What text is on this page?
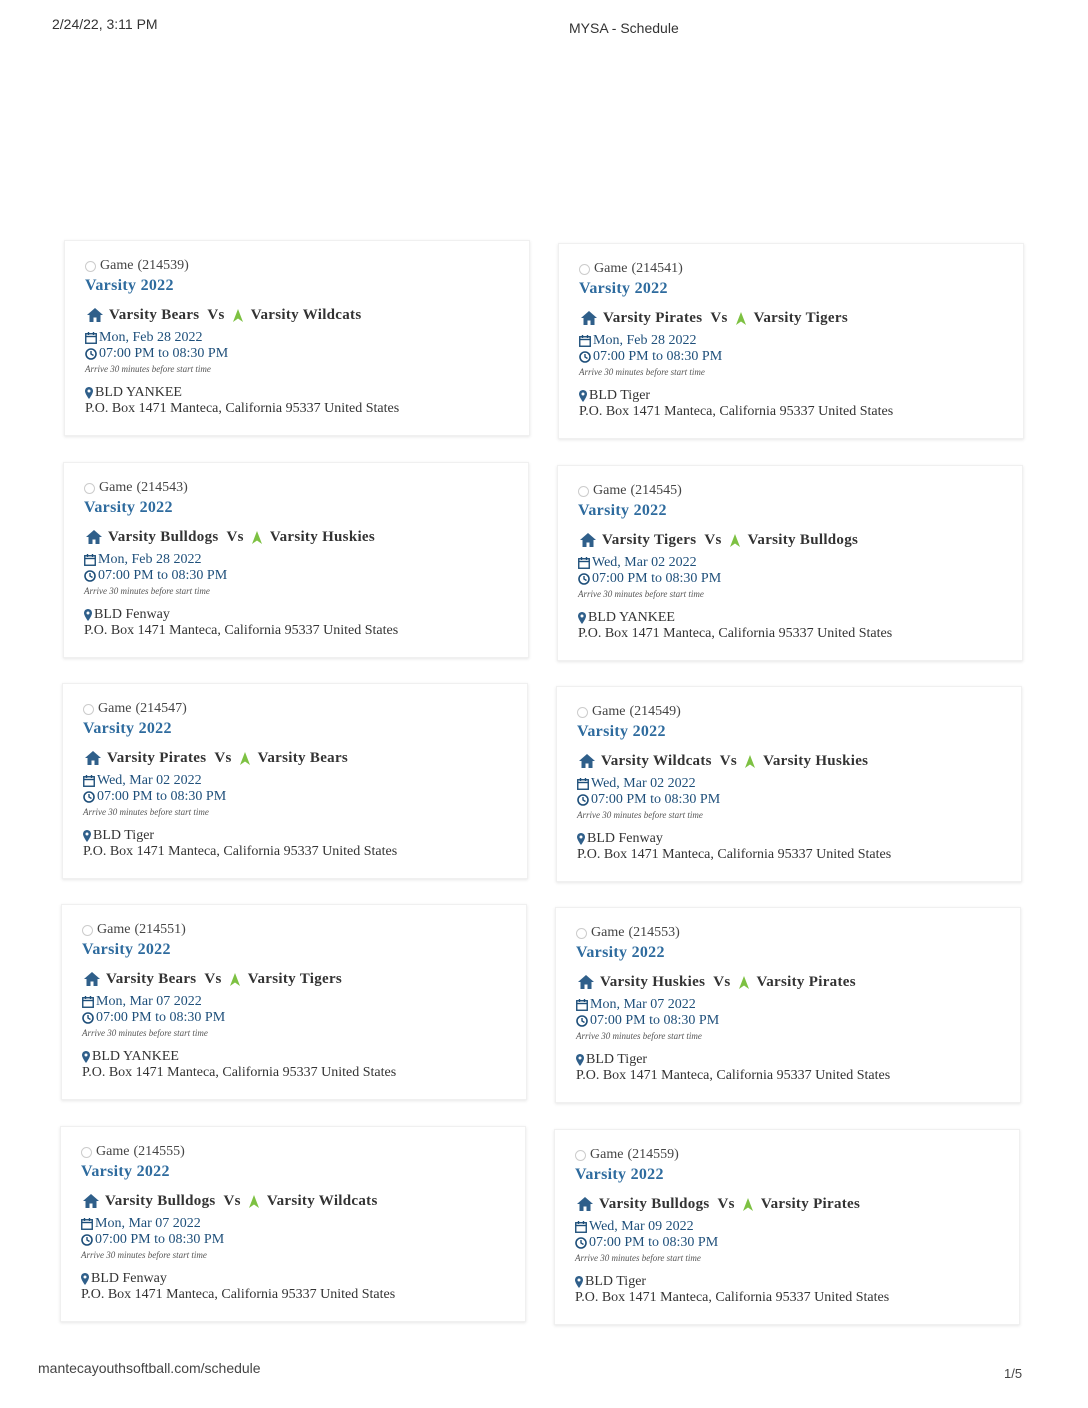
2/24/22, 3:11 PM	MYSA - Schedule
Game (214539)
Varsity 2022
Varsity Bears Vs Varsity Wildcats
Mon, Feb 28 2022
07:00 PM to 08:30 PM
Arrive 30 minutes before start time
BLD YANKEE
P.O. Box 1471 Manteca, California 95337 United States
Game (214541)
Varsity 2022
Varsity Pirates Vs Varsity Tigers
Mon, Feb 28 2022
07:00 PM to 08:30 PM
Arrive 30 minutes before start time
BLD Tiger
P.O. Box 1471 Manteca, California 95337 United States
Game (214543)
Varsity 2022
Varsity Bulldogs Vs Varsity Huskies
Mon, Feb 28 2022
07:00 PM to 08:30 PM
Arrive 30 minutes before start time
BLD Fenway
P.O. Box 1471 Manteca, California 95337 United States
Game (214545)
Varsity 2022
Varsity Tigers Vs Varsity Bulldogs
Wed, Mar 02 2022
07:00 PM to 08:30 PM
Arrive 30 minutes before start time
BLD YANKEE
P.O. Box 1471 Manteca, California 95337 United States
Game (214547)
Varsity 2022
Varsity Pirates Vs Varsity Bears
Wed, Mar 02 2022
07:00 PM to 08:30 PM
Arrive 30 minutes before start time
BLD Tiger
P.O. Box 1471 Manteca, California 95337 United States
Game (214549)
Varsity 2022
Varsity Wildcats Vs Varsity Huskies
Wed, Mar 02 2022
07:00 PM to 08:30 PM
Arrive 30 minutes before start time
BLD Fenway
P.O. Box 1471 Manteca, California 95337 United States
Game (214551)
Varsity 2022
Varsity Bears Vs Varsity Tigers
Mon, Mar 07 2022
07:00 PM to 08:30 PM
Arrive 30 minutes before start time
BLD YANKEE
P.O. Box 1471 Manteca, California 95337 United States
Game (214553)
Varsity 2022
Varsity Huskies Vs Varsity Pirates
Mon, Mar 07 2022
07:00 PM to 08:30 PM
Arrive 30 minutes before start time
BLD Tiger
P.O. Box 1471 Manteca, California 95337 United States
Game (214555)
Varsity 2022
Varsity Bulldogs Vs Varsity Wildcats
Mon, Mar 07 2022
07:00 PM to 08:30 PM
Arrive 30 minutes before start time
BLD Fenway
P.O. Box 1471 Manteca, California 95337 United States
Game (214559)
Varsity 2022
Varsity Bulldogs Vs Varsity Pirates
Wed, Mar 09 2022
07:00 PM to 08:30 PM
Arrive 30 minutes before start time
BLD Tiger
P.O. Box 1471 Manteca, California 95337 United States
mantecayouthsoftball.com/schedule	1/5
